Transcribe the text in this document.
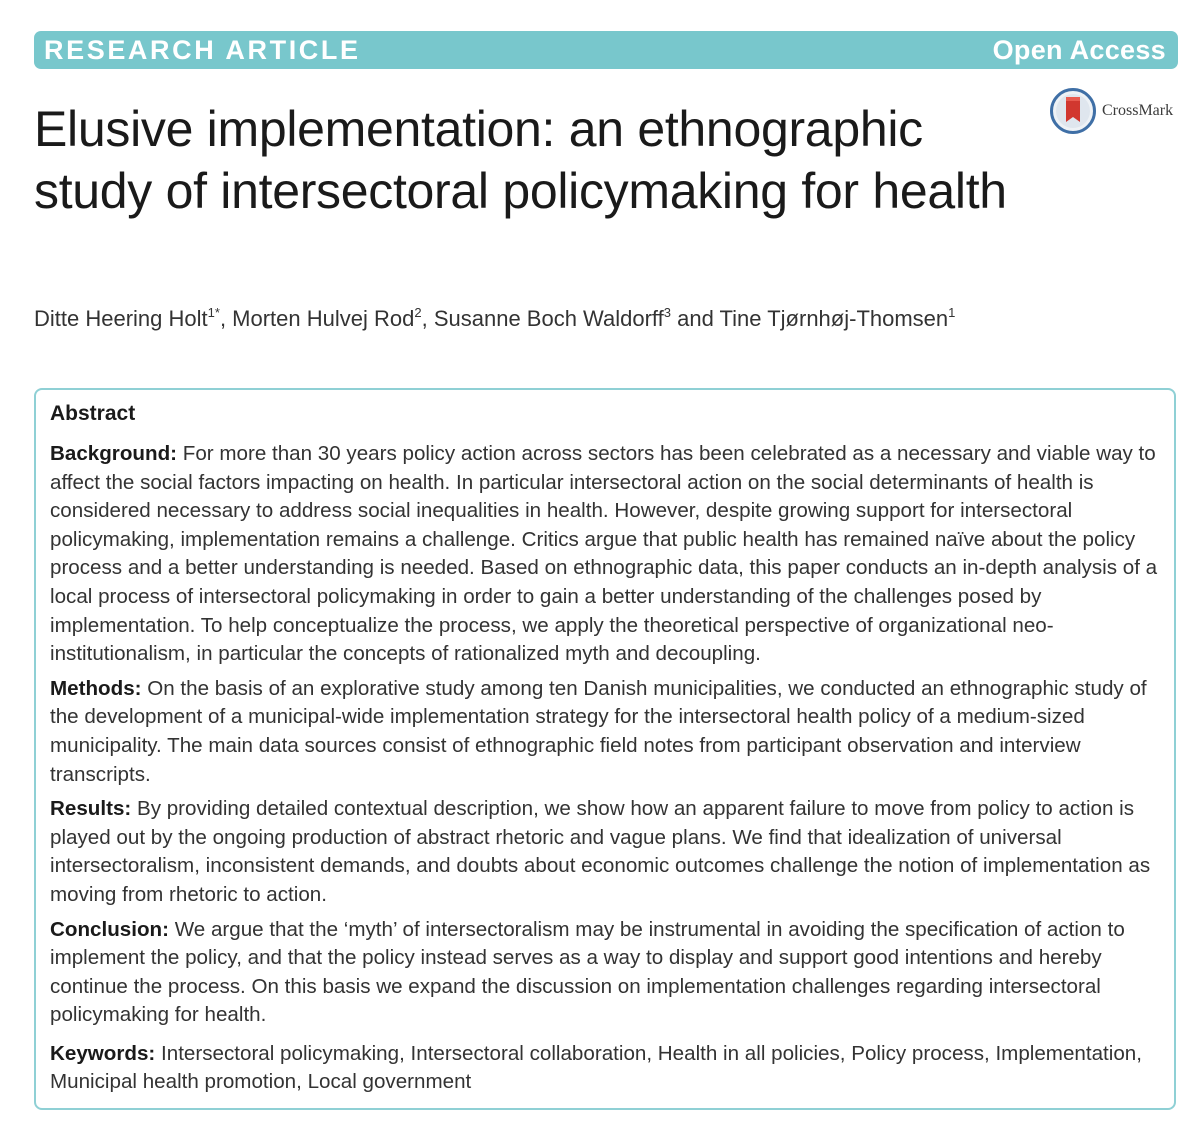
RESEARCH ARTICLE	Open Access
CrossMark
Elusive implementation: an ethnographic study of intersectoral policymaking for health
Ditte Heering Holt$^{1*}$, Morten Hulvej Rod$^2$, Susanne Boch Waldorff$^3$ and Tine Tjørnhøj-Thomsen$^1$
Abstract

Background: For more than 30 years policy action across sectors has been celebrated as a necessary and viable way to affect the social factors impacting on health. In particular intersectoral action on the social determinants of health is considered necessary to address social inequalities in health. However, despite growing support for intersectoral policymaking, implementation remains a challenge. Critics argue that public health has remained naïve about the policy process and a better understanding is needed. Based on ethnographic data, this paper conducts an in-depth analysis of a local process of intersectoral policymaking in order to gain a better understanding of the challenges posed by implementation. To help conceptualize the process, we apply the theoretical perspective of organizational neo-institutionalism, in particular the concepts of rationalized myth and decoupling.

Methods: On the basis of an explorative study among ten Danish municipalities, we conducted an ethnographic study of the development of a municipal-wide implementation strategy for the intersectoral health policy of a medium-sized municipality. The main data sources consist of ethnographic field notes from participant observation and interview transcripts.

Results: By providing detailed contextual description, we show how an apparent failure to move from policy to action is played out by the ongoing production of abstract rhetoric and vague plans. We find that idealization of universal intersectoralism, inconsistent demands, and doubts about economic outcomes challenge the notion of implementation as moving from rhetoric to action.

Conclusion: We argue that the ‘myth’ of intersectoralism may be instrumental in avoiding the specification of action to implement the policy, and that the policy instead serves as a way to display and support good intentions and hereby continue the process. On this basis we expand the discussion on implementation challenges regarding intersectoral policymaking for health.

Keywords: Intersectoral policymaking, Intersectoral collaboration, Health in all policies, Policy process, Implementation, Municipal health promotion, Local government
